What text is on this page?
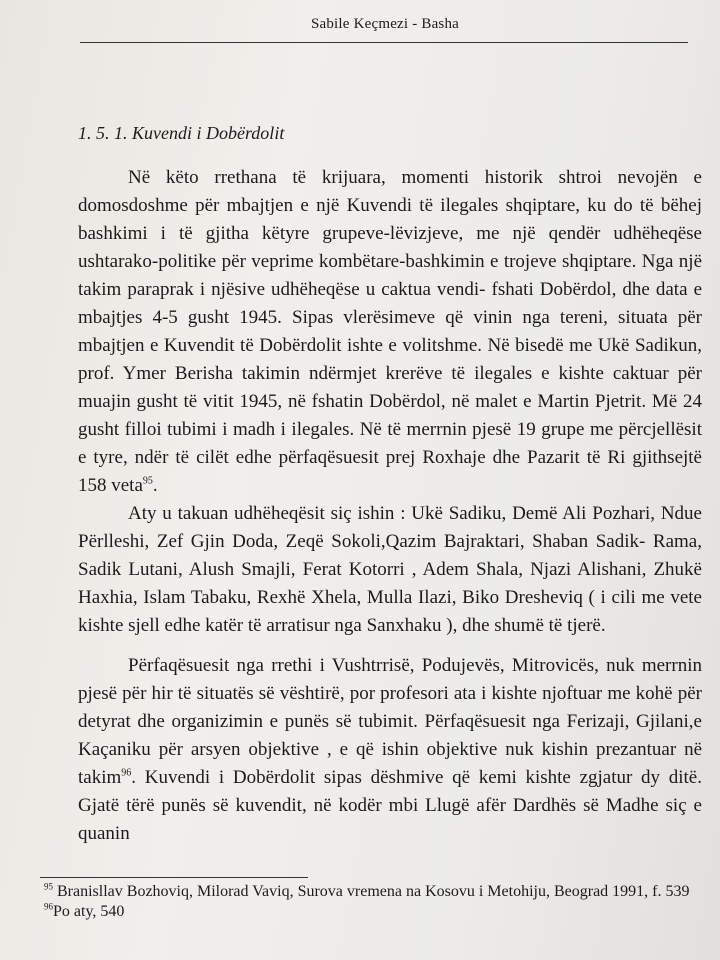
Sabile Keçmezi - Basha
1. 5. 1. Kuvendi i Dobërdolit

Në këto rrethana të krijuara, momenti historik shtroi nevojën e domosdoshme për mbajtjen e një Kuvendi të ilegales shqiptare, ku do të bëhej bashkimi i të gjitha këtyre grupeve-lëvizjeve, me një qendër udhëheqëse ushtarako-politike për veprime kombëtare-bashkimin e trojeve shqiptare. Nga një takim paraprak i njësive udhëheqëse u caktua vendi- fshati Dobërdol, dhe data e mbajtjes 4-5 gusht 1945. Sipas vlerësimeve që vinin nga tereni, situata për mbajtjen e Kuvendit të Dobërdolit ishte e volitshme. Në bisedë me Ukë Sadikun, prof. Ymer Berisha takimin ndërmjet krerëve të ilegales e kishte caktuar për muajin gusht të vitit 1945, në fshatin Dobërdol, në malet e Martin Pjetrit. Më 24 gusht filloi tubimi i madh i ilegales. Në të merrnin pjesë 19 grupe me përcjellësit e tyre, ndër të cilët edhe përfaqësuesit prej Roxhaje dhe Pazarit të Ri gjithsejtë 158 veta$^{95}$.

Aty u takuan udhëheqësit siç ishin : Ukë Sadiku, Demë Ali Pozhari, Ndue Përlleshi, Zef Gjin Doda, Zeqë Sokoli,Qazim Bajraktari, Shaban Sadik- Rama, Sadik Lutani, Alush Smajli, Ferat Kotorri , Adem Shala, Njazi Alishani, Zhukë Haxhia, Islam Tabaku, Rexhë Xhela, Mulla Ilazi, Biko Dresheviq ( i cili me vete kishte sjell edhe katër të arratisur nga Sanxhaku ), dhe shumë të tjerë.

Përfaqësuesit nga rrethi i Vushtrrisë, Podujevës, Mitrovicës, nuk merrnin pjesë për hir të situatës së vështirë, por profesori ata i kishte njoftuar me kohë për detyrat dhe organizimin e punës së tubimit. Përfaqësuesit nga Ferizaji, Gjilani,e Kaçaniku për arsyen objektive , e që ishin objektive nuk kishin prezantuar në takim$^{96}$. Kuvendi i Dobërdolit sipas dëshmive që kemi kishte zgjatur dy ditë. Gjatë tërë punës së kuvendit, në kodër mbi Llugë afër Dardhës së Madhe siç e quanin

$^{95}$ Branisllav Bozhoviq, Milorad Vaviq, Surova vremena na Kosovu i Metohiju, Beograd 1991, f. 539
$^{96}$Po aty, 540
